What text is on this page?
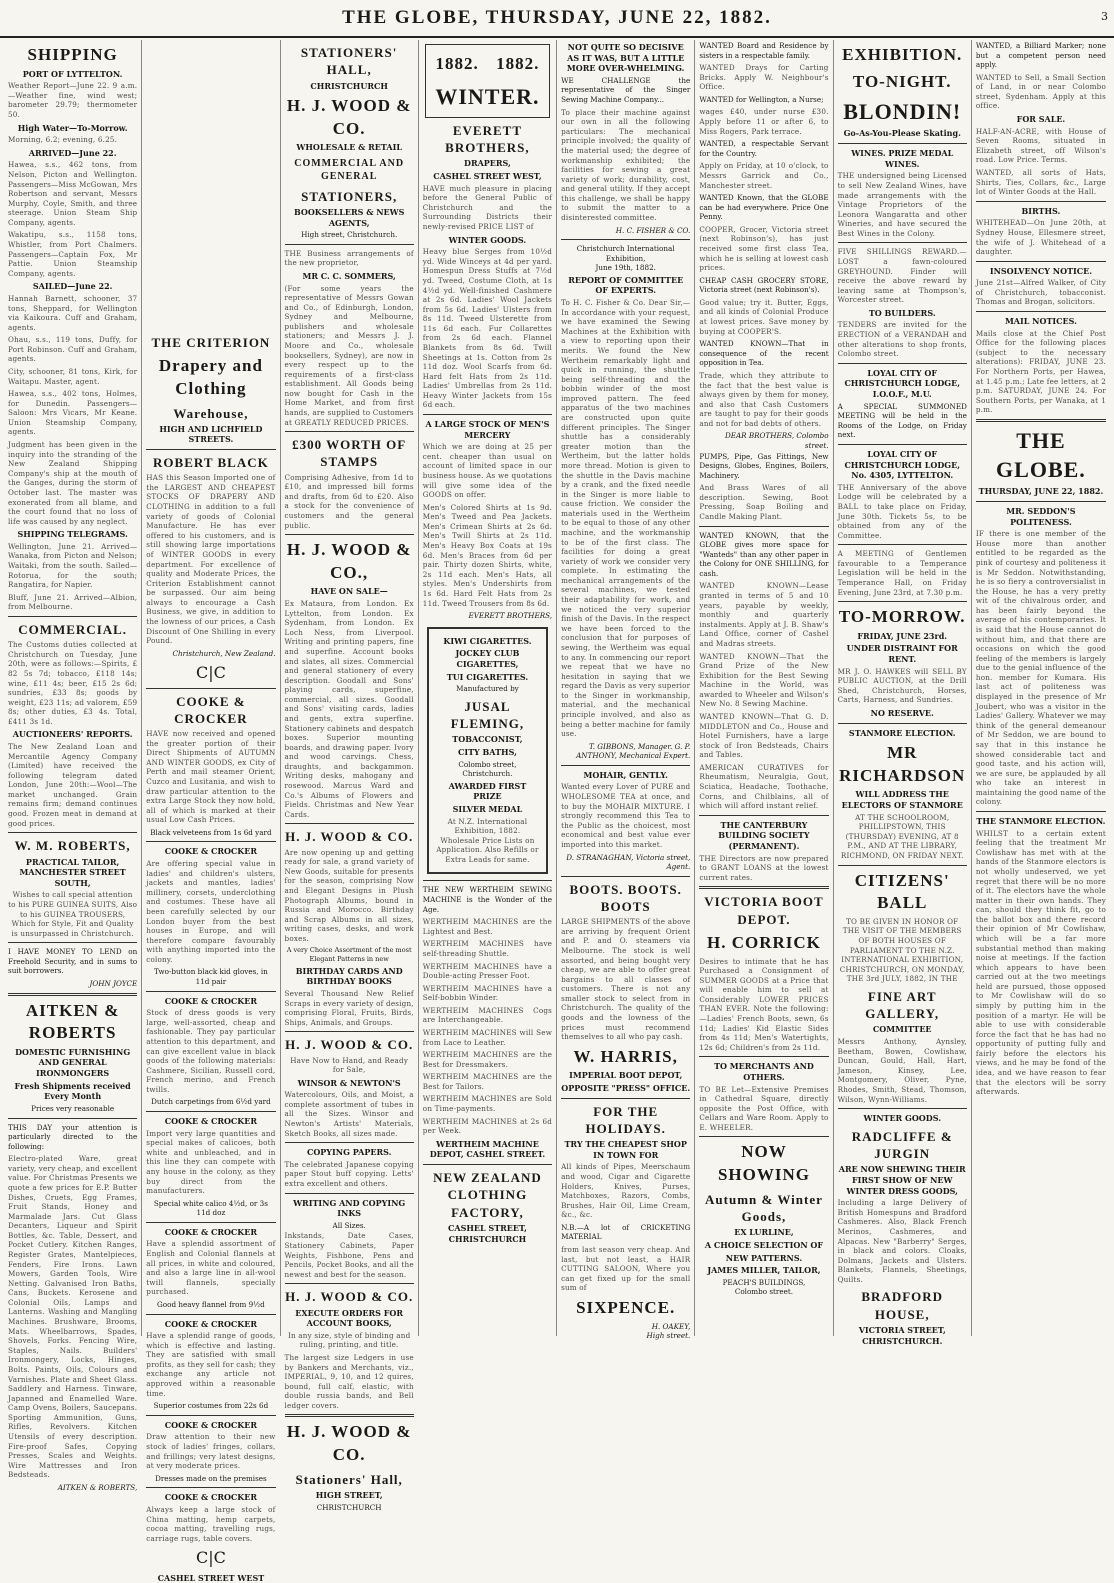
THE GLOBE, THURSDAY, JUNE 22, 1882.	3
SHIPPING
PORT OF LYTTELTON.

Weather Report—June 22. 9 a.m.—Weather fine, wind west; barometer 29.79; thermometer 50.

High Water—To-Morrow.

Morning, 6.2; evening, 6.25.

ARRIVED—June 22.

Hawea, s.s., 462 tons, from Nelson, Picton and Wellington. Passengers—Miss McGowan, Mrs Robertson and servant, Messrs Murphy, Coyle, Smith, and three steerage. Union Steam Ship Company, agents.

Wakatipu, s.s., 1158 tons, Whistler, from Port Chalmers. Passengers—Captain Fox, Mr Pattie. Union Steamship Company, agents.

SAILED—June 22.

Hannah Barnett, schooner, 37 tons, Sheppard, for Wellington via Kaikoura. Cuff and Graham, agents.

Ohau, s.s., 119 tons, Duffy, for Port Robinson. Cuff and Graham, agents.

City, schooner, 81 tons, Kirk, for Waitapu. Master, agent.

Hawea, s.s., 402 tons, Holmes, for Dunedin. Passengers—Saloon: Mrs Vicars, Mr Keane. Union Steamship Company, agents.

Judgment has been given in the inquiry into the stranding of the New Zealand Shipping Company's ship at the mouth of the Ganges, during the storm of October last. The master was exonerated from all blame, and the court found that no loss of life was caused by any neglect.

SHIPPING TELEGRAMS.

Wellington, June 21. Arrived—Wanaka, from Picton and Nelson; Waitaki, from the south. Sailed—Rotorua, for the south; Rangatira, for Napier.

Bluff, June 21. Arrived—Albion, from Melbourne.

COMMERCIAL.

The Customs duties collected at Christchurch on Tuesday, June 20th, were as follows:—Spirits, £ 82 5s 7d; tobacco, £118 14s; wine, £11 4s; beer, £15 2s 6d; sundries, £33 8s; goods by weight, £23 11s; ad valorem, £59 8s; other duties, £3 4s. Total, £411 3s 1d.

AUCTIONEERS' REPORTS.

The New Zealand Loan and Mercantile Agency Company (Limited) have received the following telegram dated London, June 20th:—Wool—The market unchanged. Grain remains firm; demand continues good. Frozen meat in demand at good prices.

W. M. ROBERTS,
PRACTICAL TAILOR, MANCHESTER STREET SOUTH,

Wishes to call special attention to his PURE GUINEA SUITS, Also to his GUINEA TROUSERS, Which for Style, Fit and Quality is unsurpassed in Christchurch.

I HAVE MONEY TO LEND on Freehold Security, and in sums to suit borrowers.

JOHN JOYCE
AITKEN & ROBERTS
DOMESTIC FURNISHING AND GENERAL IRONMONGERS
Fresh Shipments received Every Month
Prices very reasonable

THIS DAY your attention is particularly directed to the following:

Electro-plated Ware, great variety, very cheap, and excellent value. For Christmas Presents we quote a few prices for E.P. Butter Dishes, Cruets, Egg Frames, Fruit Stands, Honey and Marmalade Jars. Cut Glass Decanters, Liqueur and Spirit Bottles, &c. Table, Dessert, and Pocket Cutlery. Kitchen Ranges, Register Grates, Mantelpieces, Fenders, Fire Irons. Lawn Mowers, Garden Tools, Wire Netting. Galvanised Iron Baths, Cans, Buckets. Kerosene and Colonial Oils, Lamps and Lanterns. Washing and Mangling Machines. Brushware, Brooms, Mats. Wheelbarrows, Spades, Shovels, Forks. Fencing Wire, Staples, Nails. Builders' Ironmongery, Locks, Hinges, Bolts. Paints, Oils, Colours and Varnishes. Plate and Sheet Glass. Saddlery and Harness. Tinware, Japanned and Enamelled Ware. Camp Ovens, Boilers, Saucepans. Sporting Ammunition, Guns, Rifles, Revolvers. Kitchen Utensils of every description. Fire-proof Safes, Copying Presses, Scales and Weights. Wire Mattresses and Iron Bedsteads.

AITKEN & ROBERTS,
THE CRITERION
Drapery and Clothing
Warehouse,
HIGH AND LICHFIELD STREETS.
ROBERT BLACK

HAS this Season Imported one of the LARGEST AND CHEAPEST STOCKS OF DRAPERY AND CLOTHING in addition to a full variety of goods of Colonial Manufacture. He has ever offered to his customers, and is still showing large importations of WINTER GOODS in every department. For excellence of quality and Moderate Prices, the Criterion Establishment cannot be surpassed. Our aim being always to encourage a Cash Business, we give, in addition to the lowness of our prices, a Cash Discount of One Shilling in every Pound.

Christchurch, New Zealand.
C|C
COOKE & CROCKER

HAVE now received and opened the greater portion of their Direct Shipments of AUTUMN AND WINTER GOODS, ex City of Perth and mail steamer Orient, Cuzco and Lusitania, and wish to draw particular attention to the extra Large Stock they now hold, all of which is marked at their usual Low Cash Prices.

Black velveteens from 1s 6d yard
COOKE & CROCKER

Are offering special value in ladies' and children's ulsters, jackets and mantles, ladies' millinery, corsets, underclothing and costumes. These have all been carefully selected by our London buyer from the best houses in Europe, and will therefore compare favourably with anything imported into the colony.

Two-button black kid gloves, in 11d pair
COOKE & CROCKER

Stock of dress goods is very large, well-assorted, cheap and fashionable. They pay particular attention to this department, and can give excellent value in black goods of the following materials: Cashmere, Sicilian, Russell cord, French merino, and French twills.

Dutch carpetings from 6½d yard
COOKE & CROCKER

Import very large quantities and special makes of calicoes, both white and unbleached, and in this line they can compete with any house in the colony, as they buy direct from the manufacturers.

Special white calico 4½d, or 3s 11d doz
COOKE & CROCKER

Have a splendid assortment of English and Colonial flannels at all prices, in white and coloured, and also a large line in all-wool twill flannels, specially purchased.

Good heavy flannel from 9½d
COOKE & CROCKER

Have a splendid range of goods, which is effective and lasting. They are satisfied with small profits, as they sell for cash; they exchange any article not approved within a reasonable time.

Superior costumes from 22s 6d
COOKE & CROCKER

Draw attention to their new stock of ladies' fringes, collars, and frillings; very latest designs, at very moderate prices.

Dresses made on the premises
COOKE & CROCKER

Always keep a large stock of China matting, hemp carpets, cocoa matting, travelling rugs, carriage rugs, table covers.

C|C
CASHEL STREET WEST
STATIONERS' HALL,
CHRISTCHURCH
H. J. WOOD & CO.
WHOLESALE & RETAIL
COMMERCIAL AND GENERAL
STATIONERS,
BOOKSELLERS & NEWS AGENTS,
High street, Christchurch.

THE Business arrangements of the new proprietor,

MR C. C. SOMMERS,

(For some years the representative of Messrs Gowan and Co., of Edinburgh, London, Sydney and Melbourne, publishers and wholesale stationers; and Messrs J. J. Moore and Co., wholesale booksellers, Sydney), are now in every respect up to the requirements of a first-class establishment. All Goods being now bought for Cash in the Home Market, and from first hands, are supplied to Customers at GREATLY REDUCED PRICES.

£300 WORTH OF STAMPS

Comprising Adhesive, from 1d to £10, and impressed bill forms and drafts, from 6d to £20. Also a stock for the convenience of customers and the general public.

H. J. WOOD & CO.,
HAVE ON SALE—

Ex Mataura, from London. Ex Lyttelton, from London. Ex Sydenham, from London. Ex Loch Ness, from Liverpool. Writing and printing papers, fine and superfine. Account books and slates, all sizes. Commercial and general stationery of every description. Goodall and Sons' playing cards, superfine, commercial, all sizes. Goodall and Sons' visiting cards, ladies and gents, extra superfine. Stationery cabinets and despatch boxes. Superior mounting boards, and drawing paper. Ivory and wood carvings. Chess, draughts, and backgammon. Writing desks, mahogany and rosewood. Marcus Ward and Co.'s Albums of Flowers and Fields. Christmas and New Year Cards.

H. J. WOOD & CO.

Are now opening up and getting ready for sale, a grand variety of New Goods, suitable for presents for the season, comprising Now and Elegant Designs in Plush Photograph Albums, bound in Russia and Morocco. Birthday and Scrap Albums in all sizes, writing cases, desks, and work boxes.

A very Choice Assortment of the most Elegant Patterns in new
BIRTHDAY CARDS AND BIRTHDAY BOOKS

Several Thousand New Relief Scraps in every variety of design, comprising Floral, Fruits, Birds, Ships, Animals, and Groups.

H. J. WOOD & CO.

Have Now to Hand, and Ready for Sale,

WINSOR & NEWTON'S

Watercolours, Oils, and Moist, a complete assortment of tubes in all the Sizes. Winsor and Newton's Artists' Materials, Sketch Books, all sizes made.

COPYING PAPERS.

The celebrated Japanese copying paper Stout buff copying. Letts' extra excellent and others.

WRITING AND COPYING INKS
All Sizes.

Inkstands, Date Cases, Stationery Cabinets, Paper Weights, Fishbone, Pens and Pencils, Pocket Books, and all the newest and best for the season.

H. J. WOOD & CO.
EXECUTE ORDERS FOR ACCOUNT BOOKS,

In any size, style of binding and ruling, printing, and title.

The largest size Ledgers in use by Bankers and Merchants, viz., IMPERIAL, 9, 10, and 12 quires, bound, full calf, elastic, with double russia bands, and Bell ledger covers.

H. J. WOOD & CO.
Stationers' Hall,
HIGH STREET,
CHRISTCHURCH
1882.	1882.
WINTER.
EVERETT BROTHERS,
DRAPERS,
CASHEL STREET WEST,

HAVE much pleasure in placing before the General Public of Christchurch and the Surrounding Districts their newly-revised PRICE LIST of

WINTER GOODS.

Heavy blue Serges from 10½d yd. Wide Winceys at 4d per yard. Homespun Dress Stuffs at 7½d yd. Tweed, Costume Cloth, at 1s 4½d yd. Well-finished Cashmere at 2s 6d. Ladies' Wool Jackets from 5s 6d. Ladies' Ulsters from 8s 11d. Tweed Ulsterette from 11s 6d each. Fur Collarettes from 2s 6d each. Flannel Blankets from 8s 6d. Twill Sheetings at 1s. Cotton from 2s 11d doz. Wool Scarfs from 6d. Hard felt Hats from 2s 11d. Ladies' Umbrellas from 2s 11d. Heavy Winter Jackets from 15s 6d each.

A LARGE STOCK OF MEN'S MERCERY

Which we are doing at 25 per cent. cheaper than usual on account of limited space in our business house. As we quotations will give some idea of the GOODS on offer.

Men's Colored Shirts at 1s 9d. Men's Tweed and Pea Jackets. Men's Crimean Shirts at 2s 6d. Men's Twill Shirts at 2s 11d. Men's Heavy Box Coats at 19s 6d. Men's Braces from 6d per pair. Thirty dozen Shirts, white, 2s 11d each. Men's Hats, all styles. Men's Undershirts from 1s 6d. Hard Felt Hats from 2s 11d. Tweed Trousers from 8s 6d.

EVERETT BROTHERS,
KIWI CIGARETTES.
JOCKEY CLUB CIGARETTES,
TUI CIGARETTES.
Manufactured by
JUSAL FLEMING,
TOBACCONIST,
CITY BATHS,
Colombo street, Christchurch.
AWARDED FIRST PRIZE
SILVER MEDAL

At N.Z. International Exhibition, 1882. Wholesale Price Lists on Application. Also Refills or Extra Leads for same.

THE NEW WERTHEIM SEWING MACHINE is the Wonder of the Age.

WERTHEIM MACHINES are the Lightest and Best.

WERTHEIM MACHINES have self-threading Shuttle.

WERTHEIM MACHINES have a Double-acting Presser Foot.

WERTHEIM MACHINES have a Self-bobbin Winder.

WERTHEIM MACHINES Cogs are Interchangeable.

WERTHEIM MACHINES will Sew from Lace to Leather.

WERTHEIM MACHINES are the Best for Dressmakers.

WERTHEIM MACHINES are the Best for Tailors.

WERTHEIM MACHINES are Sold on Time-payments.

WERTHEIM MACHINES at 2s 6d per Week.

WERTHEIM MACHINE DEPOT, CASHEL STREET.
NEW ZEALAND CLOTHING FACTORY,
CASHEL STREET, CHRISTCHURCH
NOT QUITE SO DECISIVE AS IT WAS, BUT A LITTLE MORE OVER-WHELMING.

WE CHALLENGE the representative of the Singer Sewing Machine Company...

To place their machine against our own in all the following particulars: The mechanical principle involved; the quality of the material used; the degree of workmanship exhibited; the facilities for sewing a great variety of work; durability, cost, and general utility. If they accept this challenge, we shall be happy to submit the matter to a disinterested committee.

H. C. FISHER & CO.
Christchurch International Exhibition,
June 19th, 1882.
REPORT OF COMMITTEE OF EXPERTS.

To H. C. Fisher & Co. Dear Sir,—In accordance with your request, we have examined the Sewing Machines at the Exhibition with a view to reporting upon their merits. We found the New Wertheim remarkably light and quick in running, the shuttle being self-threading and the bobbin winder of the most improved pattern. The feed apparatus of the two machines are constructed upon quite different principles. The Singer shuttle has a considerably greater motion than the Wertheim, but the latter holds more thread. Motion is given to the shuttle in the Davis machine by a crank, and the fixed needle in the Singer is more liable to cause friction. We consider the materials used in the Wertheim to be equal to those of any other machine, and the workmanship to be of the first class. The facilities for doing a great variety of work we consider very complete. In estimating the mechanical arrangements of the several machines, we tested their adaptability for work, and we noticed the very superior finish of the Davis. In the respect we have been forced to the conclusion that for purposes of sewing, the Wertheim was equal to any. In commencing our report we repeat that we have no hesitation in saying that we regard the Davis as very superior to the Singer in workmanship, material, and the mechanical principle involved, and also as being a better machine for family use.

T. GIBBONS, Manager. G. P. ANTHONY, Mechanical Expert.
MOHAIR, GENTLY.

Wanted every Lover of PURE and WHOLESOME TEA at once, and to buy the MOHAIR MIXTURE. I strongly recommend this Tea to the Public as the choicest, most economical and best value ever imported into this market.

D. STRANAGHAN, Victoria street, Agent.
BOOTS. BOOTS. BOOTS

LARGE SHIPMENTS of the above are arriving by frequent Orient and P. and O. steamers via Melbourne. The stock is well assorted, and being bought very cheap, we are able to offer great bargains to all classes of customers. There is not any smaller stock to select from in Christchurch. The quality of the goods and the lowness of the prices must recommend themselves to all who pay cash.

W. HARRIS,
IMPERIAL BOOT DEPOT,
OPPOSITE "PRESS" OFFICE.
FOR THE HOLIDAYS.
TRY THE CHEAPEST SHOP IN TOWN FOR

All kinds of Pipes, Meerschaum and wood, Cigar and Cigarette Holders, Knives, Purses, Matchboxes, Razors, Combs, Brushes, Hair Oil, Lime Cream, &c., &c.

N.B.—A lot of CRICKETING MATERIAL

from last season very cheap. And last, but not least, a HAIR CUTTING SALOON, Where you can get fixed up for the small sum of

SIXPENCE.
H. OAKEY,
High street.

WANTED Board and Residence by sisters in a respectable family.

WANTED Drays for Carting Bricks. Apply W. Neighbour's Office.

WANTED for Wellington, a Nurse;

wages £40, under nurse £30. Apply before 11 or after 6, to Miss Rogers, Park terrace.

WANTED, a respectable Servant for the Country.

Apply on Friday, at 10 o'clock, to Messrs Garrick and Co., Manchester street.

WANTED Known, that the GLOBE can be had everywhere. Price One Penny.

COOPER, Grocer, Victoria street (next Robinson's), has just received some first class Tea, which he is selling at lowest cash prices.

CHEAP CASH GROCERY STORE, Victoria street (next Robinson's).

Good value; try it. Butter, Eggs, and all kinds of Colonial Produce at lowest prices. Save money by buying at COOPER'S.

WANTED KNOWN—That in consequence of the recent opposition in Tea.

Trade, which they attribute to the fact that the best value is always given by them for money, and also that Cash Customers are taught to pay for their goods and not for bad debts of others.

DEAR BROTHERS, Colombo street.

PUMPS, Pipe, Gas Fittings, New Designs, Globes, Engines, Boilers, Machinery.

And Brass Wares of all description. Sewing, Boot Pressing, Soap Boiling and Candle Making Plant.

WANTED KNOWN, that the GLOBE gives more space for "Wanteds" than any other paper in the Colony for ONE SHILLING, for cash.

WANTED KNOWN—Lease granted in terms of 5 and 10 years, payable by weekly, monthly and quarterly instalments. Apply at J. B. Shaw's Land Office, corner of Cashel and Madras streets.

WANTED KNOWN—That the Grand Prize of the New Exhibition for the Best Sewing Machine in the World, was awarded to Wheeler and Wilson's New No. 8 Sewing Machine.

WANTED KNOWN—That G. D. MIDDLETON and Co., House and Hotel Furnishers, have a large stock of Iron Bedsteads, Chairs and Tables.

AMERICAN CURATIVES for Rheumatism, Neuralgia, Gout, Sciatica, Headache, Toothache, Corns, and Chilblains, all of which will afford instant relief.

THE CANTERBURY BUILDING SOCIETY (PERMANENT).

THE Directors are now prepared to GRANT LOANS at the lowest current rates.

VICTORIA BOOT DEPOT.
H. CORRICK

Desires to intimate that he has Purchased a Consignment of SUMMER GOODS at a Price that will enable him to sell at Considerably LOWER PRICES THAN EVER. Note the following:—Ladies' French Boots, sewn, 6s 11d; Ladies' Kid Elastic Sides from 4s 11d; Men's Watertights, 12s 6d; Children's from 2s 11d.

TO MERCHANTS AND OTHERS.

TO BE Let—Extensive Premises in Cathedral Square, directly opposite the Post Office, with Cellars and Ware Room. Apply to E. WHEELER.

NOW SHOWING
Autumn & Winter Goods,
EX LURLINE,
A CHOICE SELECTION OF
NEW PATTERNS.
JAMES MILLER, TAILOR,
PEACH'S BUILDINGS,
Colombo street.
EXHIBITION.
TO-NIGHT.
BLONDIN!
Go-As-You-Please Skating.
WINES. PRIZE MEDAL WINES.

THE undersigned being Licensed to sell New Zealand Wines, have made arrangements with the Vintage Proprietors of the Leonora Wangaratta and other Wineries, and have secured the Best Wines in the Colony.

FIVE SHILLINGS REWARD.—LOST a fawn-coloured GREYHOUND. Finder will receive the above reward by leaving same at Thompson's, Worcester street.

TO BUILDERS.

TENDERS are invited for the ERECTION of a VERANDAH and other alterations to shop fronts, Colombo street.

LOYAL CITY OF CHRISTCHURCH LODGE, I.O.O.F., M.U.

A SPECIAL SUMMONED MEETING will be held in the Rooms of the Lodge, on Friday next.

LOYAL CITY OF CHRISTCHURCH LODGE, No. 4305, LYTTELTON.

THE Anniversary of the above Lodge will be celebrated by a BALL to take place on Friday, June 30th. Tickets 5s, to be obtained from any of the Committee.

A MEETING of Gentlemen favourable to a Temperance Legislation will be held in the Temperance Hall, on Friday Evening, June 23rd, at 7.30 p.m.

TO-MORROW.
FRIDAY, JUNE 23rd.
UNDER DISTRAINT FOR RENT.

MR J. O. HAWKES will SELL BY PUBLIC AUCTION, at the Drill Shed, Christchurch, Horses, Carts, Harness, and Sundries.

NO RESERVE.
STANMORE ELECTION.
MR RICHARDSON
WILL ADDRESS THE ELECTORS OF STANMORE

AT THE SCHOOLROOM, PHILLIPSTOWN, THIS (THURSDAY) EVENING, AT 8 P.M., AND AT THE LIBRARY, RICHMOND, ON FRIDAY NEXT.

CITIZENS' BALL

TO BE GIVEN IN HONOR OF THE VISIT OF THE MEMBERS OF BOTH HOUSES OF PARLIAMENT TO THE N.Z. INTERNATIONAL EXHIBITION, CHRISTCHURCH, ON MONDAY, THE 3rd JULY, 1882, IN THE

FINE ART GALLERY,
COMMITTEE

Messrs Anthony, Aynsley, Beetham, Bowen, Cowlishaw, Duncan, Gould, Hall, Hart, Jameson, Kinsey, Lee, Montgomery, Oliver, Pyne, Rhodes, Smith, Stead, Thomson, Wilson, Wynn-Williams.

WINTER GOODS.
RADCLIFFE & JURGIN
ARE NOW SHEWING THEIR FIRST SHOW OF NEW WINTER DRESS GOODS,

Including a large Delivery of British Homespuns and Bradford Cashmeres. Also, Black French Merinos, Cashmeres, and Alpacas. New "Barberry" Serges, in black and colors. Cloaks, Dolmans, Jackets and Ulsters. Blankets, Flannels, Sheetings, Quilts.

BRADFORD HOUSE,
VICTORIA STREET, CHRISTCHURCH.

WANTED, a Billiard Marker; none but a competent person need apply.

WANTED to Sell, a Small Section of Land, in or near Colombo street, Sydenham. Apply at this office.

FOR SALE.

HALF-AN-ACRE, with House of Seven Rooms, situated in Elizabeth street, off Wilson's road. Low Price. Terms.

WANTED, all sorts of Hats, Shirts, Ties, Collars, &c., Large lot of Winter Goods at the Hall.

BIRTHS.

WHITEHEAD—On June 20th, at Sydney House, Ellesmere street, the wife of J. Whitehead of a daughter.

INSOLVENCY NOTICE.

June 21st—Alfred Walker, of City of Christchurch, tobacconist. Thomas and Brogan, solicitors.

MAIL NOTICES.

Mails close at the Chief Post Office for the following places (subject to the necessary alterations): FRIDAY, JUNE 23. For Northern Ports, per Hawea, at 1.45 p.m.; Late fee letters, at 2 p.m. SATURDAY, JUNE 24. For Southern Ports, per Wanaka, at 1 p.m.

THE GLOBE.
THURSDAY, JUNE 22, 1882.
MR. SEDDON'S POLITENESS.

IF there is one member of the House more than another entitled to be regarded as the pink of courtesy and politeness it is Mr Seddon. Notwithstanding, he is so fiery a controversialist in the House, he has a very pretty wit of the chivalrous order, and has been fairly beyond the average of his contemporaries. It is said that the House cannot do without him, and that there are occasions on which the good feeling of the members is largely due to the genial influence of the hon. member for Kumara. His last act of politeness was displayed in the presence of Mr Joubert, who was a visitor in the Ladies' Gallery. Whatever we may think of the general demeanour of Mr Seddon, we are bound to say that in this instance he showed considerable tact and good taste, and his action will, we are sure, be applauded by all who take an interest in maintaining the good name of the colony.

THE STANMORE ELECTION.

WHILST to a certain extent feeling that the treatment Mr Cowlishaw has met with at the hands of the Stanmore electors is not wholly undeserved, we yet regret that there will be no more of it. The electors have the whole matter in their own hands. They can, should they think fit, go to the ballot box and there record their opinion of Mr Cowlishaw, which will be a far more substantial method than making noise at meetings. If the faction which appears to have been carried out at the two meetings held are pursued, those opposed to Mr Cowlishaw will do so simply by putting him in the position of a martyr. He will be able to use with considerable force the fact that he has had no opportunity of putting fully and fairly before the electors his views, and he may be fond of the idea, and we have reason to fear that the electors will be sorry afterwards.
